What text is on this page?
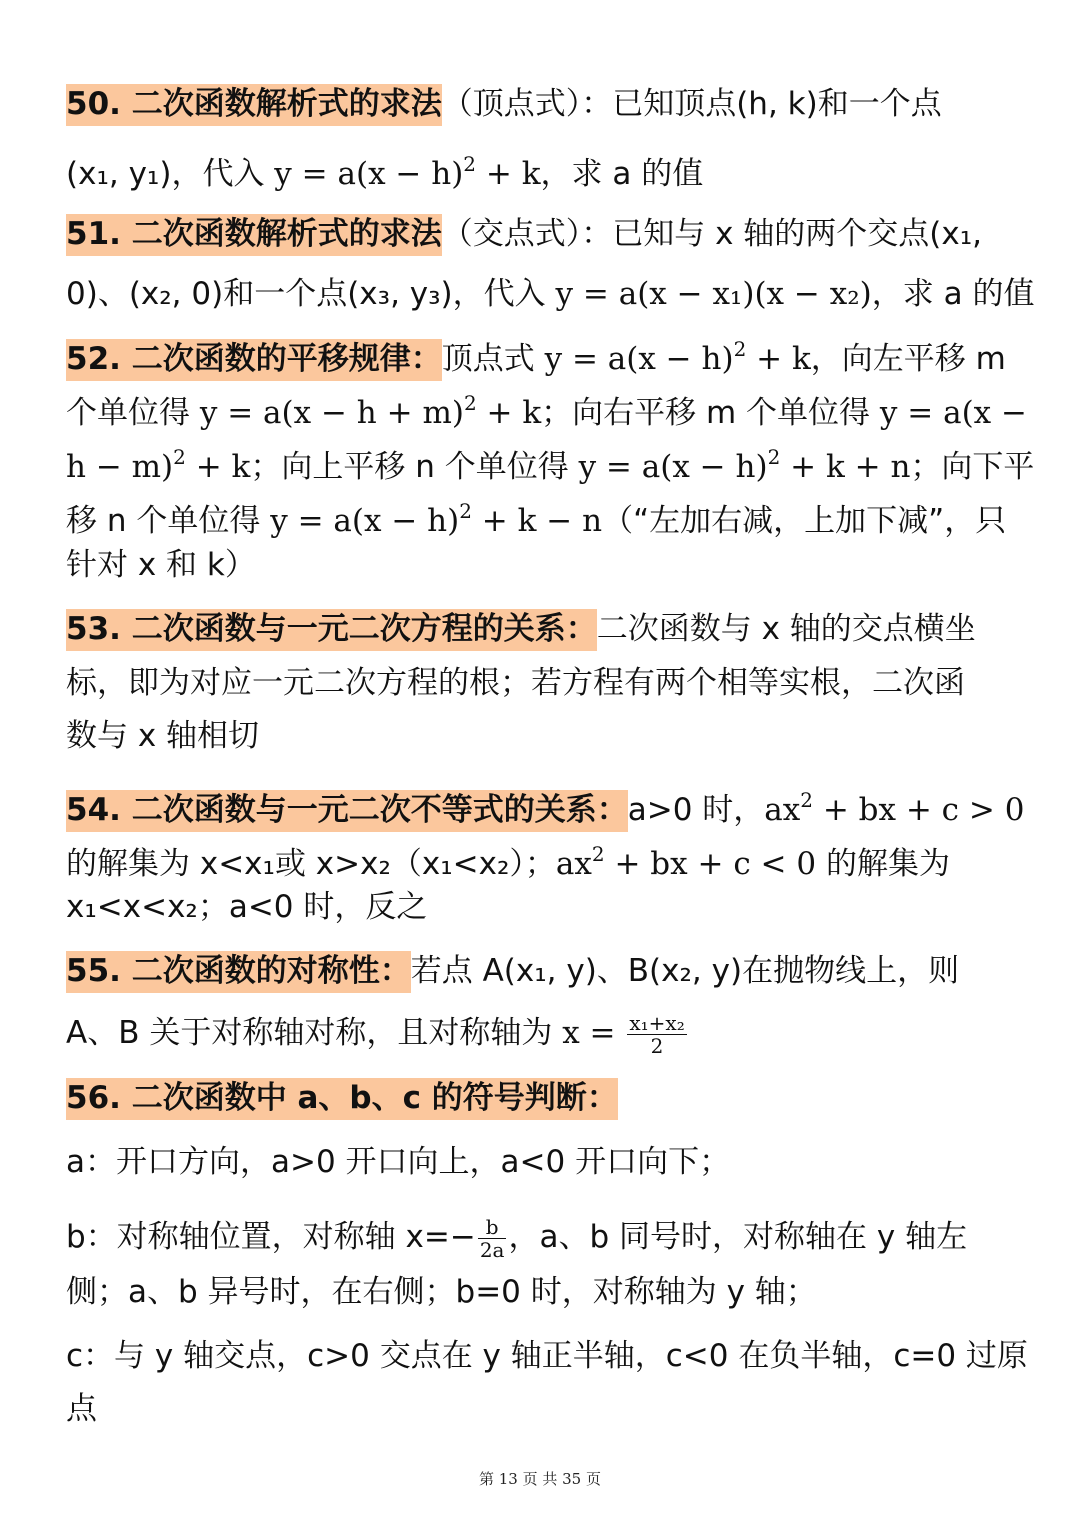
50. 二次函数解析式的求法（顶点式）：已知顶点(h, k)和一个点
(x₁, y₁)，代入 $y = a(x - h)^2 + k$，求 a 的值
51. 二次函数解析式的求法（交点式）：已知与 x 轴的两个交点(x₁,
0)、(x₂, 0)和一个点(x₃, y₃)，代入 y = a(x − x₁)(x − x₂)，求 a 的值
52. 二次函数的平移规律：顶点式 $y = a(x - h)^2 + k$，向左平移 m
个单位得 $y = a(x - h + m)^2 + k$；向右平移 m 个单位得 y = a(x −
h − m)$^2$ + k；向上平移 n 个单位得 $y = a(x - h)^2 + k + n$；向下平
移 n 个单位得 $y = a(x - h)^2 + k$ − n（“左加右减，上加下减”，只
针对 x 和 k）
53. 二次函数与一元二次方程的关系：二次函数与 x 轴的交点横坐
标，即为对应一元二次方程的根；若方程有两个相等实根，二次函
数与 x 轴相切
54. 二次函数与一元二次不等式的关系：a>0 时，$ax^2$ + bx + c > 0
的解集为 x<x₁或 x>x₂（x₁<x₂）；$ax^2$ + bx + c < 0 的解集为
x₁<x<x₂；a<0 时，反之
55. 二次函数的对称性：若点 A(x₁, y)、B(x₂, y)在抛物线上，则
A、B 关于对称轴对称，且对称轴为 $x = \frac{\text{x₁+x₂}}{2}$
56. 二次函数中 a、b、c 的符号判断：
a：开口方向，a>0 开口向上，a<0 开口向下；
b：对称轴位置，对称轴 $x=- \frac{b}{2a}$ ，a、b 同号时，对称轴在 y 轴左
侧；a、b 异号时，在右侧；b=0 时，对称轴为 y 轴；
c：与 y 轴交点，c>0 交点在 y 轴正半轴，c<0 在负半轴，c=0 过原
点
第 13 页 共 35 页
